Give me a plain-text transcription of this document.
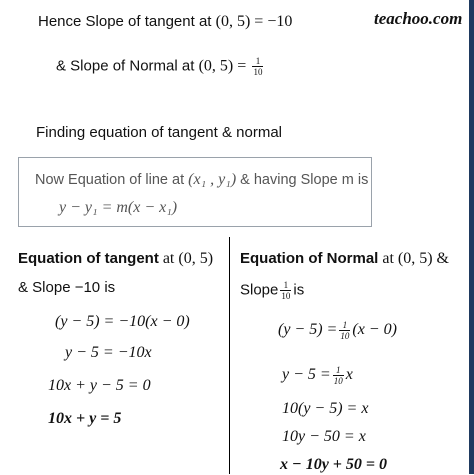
teachoo.com
Hence Slope of tangent at (0, 5) = −10
& Slope of Normal at (0, $5) = \frac{1}{10}$
Finding equation of tangent & normal
Now Equation of line at (x₁ , y₁) & having Slope m is
y − y₁ = m(x − x₁)
Equation of tangent at (0, 5)
& Slope −10 is
(y − 5) = −10(x − 0)
y − 5 = −10x
10x + y − 5 = 0
10x + y = 5
Equation of Normal at (0, 5) &
Slope $\frac{1}{10}$ is
$(y - 5) = \frac{1}{10} (x - 0)$
$y - 5 = \frac{1}{10}$ x
10(y − 5) = x
10y − 50 = x
x − 10y + 50 = 0
